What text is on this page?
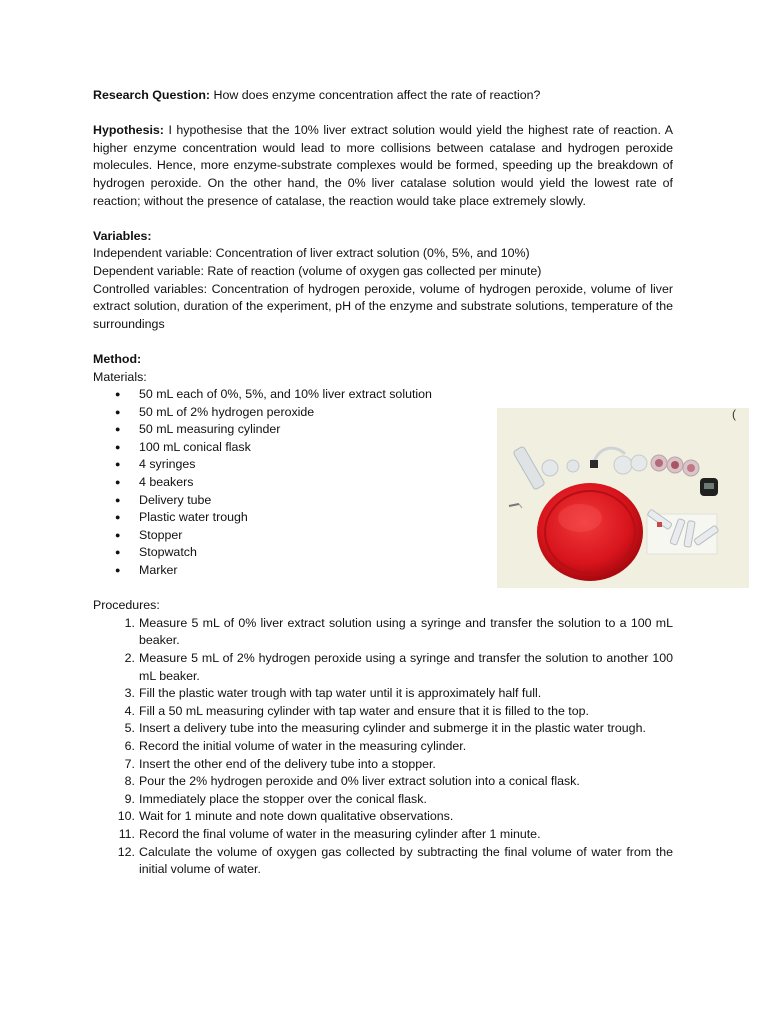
Research Question: How does enzyme concentration affect the rate of reaction?

Hypothesis: I hypothesise that the 10% liver extract solution would yield the highest rate of reaction. A higher enzyme concentration would lead to more collisions between catalase and hydrogen peroxide molecules. Hence, more enzyme-substrate complexes would be formed, speeding up the breakdown of hydrogen peroxide. On the other hand, the 0% liver catalase solution would yield the lowest rate of reaction; without the presence of catalase, the reaction would take place extremely slowly.

Variables:

Independent variable: Concentration of liver extract solution (0%, 5%, and 10%)

Dependent variable: Rate of reaction (volume of oxygen gas collected per minute)

Controlled variables: Concentration of hydrogen peroxide, volume of hydrogen peroxide, volume of liver extract solution, duration of the experiment, pH of the enzyme and substrate solutions, temperature of the surroundings

Method:

Materials:

● 50 mL each of 0%, 5%, and 10% liver extract solution
● 50 mL of 2% hydrogen peroxide
● 50 mL measuring cylinder
● 100 mL conical flask
● 4 syringes
● 4 beakers
● Delivery tube
● Plastic water trough
● Stopper
● Stopwatch
● Marker

Procedures:

1. Measure 5 mL of 0% liver extract solution using a syringe and transfer the solution to a 100 mL beaker.
2. Measure 5 mL of 2% hydrogen peroxide using a syringe and transfer the solution to another 100 mL beaker.
3. Fill the plastic water trough with tap water until it is approximately half full.
4. Fill a 50 mL measuring cylinder with tap water and ensure that it is filled to the top.
5. Insert a delivery tube into the measuring cylinder and submerge it in the plastic water trough.
6. Record the initial volume of water in the measuring cylinder.
7. Insert the other end of the delivery tube into a stopper.
8. Pour the 2% hydrogen peroxide and 0% liver extract solution into a conical flask.
9. Immediately place the stopper over the conical flask.
10. Wait for 1 minute and note down qualitative observations.
11. Record the final volume of water in the measuring cylinder after 1 minute.
12. Calculate the volume of oxygen gas collected by subtracting the final volume of water from the initial volume of water.
(
